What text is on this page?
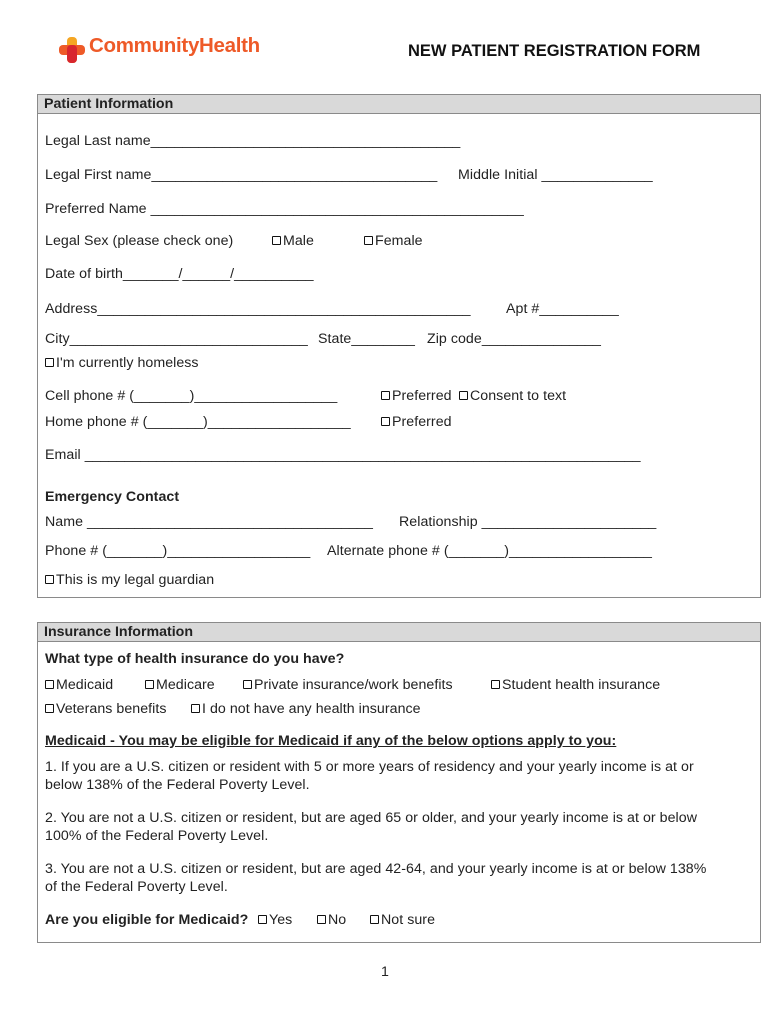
CommunityHealth	NEW PATIENT REGISTRATION FORM
Patient Information
Legal Last name_______________________________________
Legal First name____________________________________ Middle Initial ______________
Preferred Name _______________________________________________
Legal Sex (please check one)	Male	Female
Date of birth_______/______/__________
Address_______________________________________________ Apt #__________
City______________________________ State________ Zip code_______________
I'm currently homeless
Cell phone # (_______)__________________	Preferred	Consent to text
Home phone # (_______)__________________	Preferred
Email ______________________________________________________________________
Emergency Contact
Name ____________________________________ Relationship ______________________
Phone # (_______)__________________ Alternate phone # (_______)__________________
This is my legal guardian
Insurance Information
What type of health insurance do you have?
Medicaid	Medicare	Private insurance/work benefits	Student health insurance
Veterans benefits	I do not have any health insurance
Medicaid - You may be eligible for Medicaid if any of the below options apply to you:
1. If you are a U.S. citizen or resident with 5 or more years of residency and your yearly income is at or below 138% of the Federal Poverty Level.
2. You are not a U.S. citizen or resident, but are aged 65 or older, and your yearly income is at or below 100% of the Federal Poverty Level.
3. You are not a U.S. citizen or resident, but are aged 42-64, and your yearly income is at or below 138% of the Federal Poverty Level.
Are you eligible for Medicaid?	Yes	No	Not sure
1
